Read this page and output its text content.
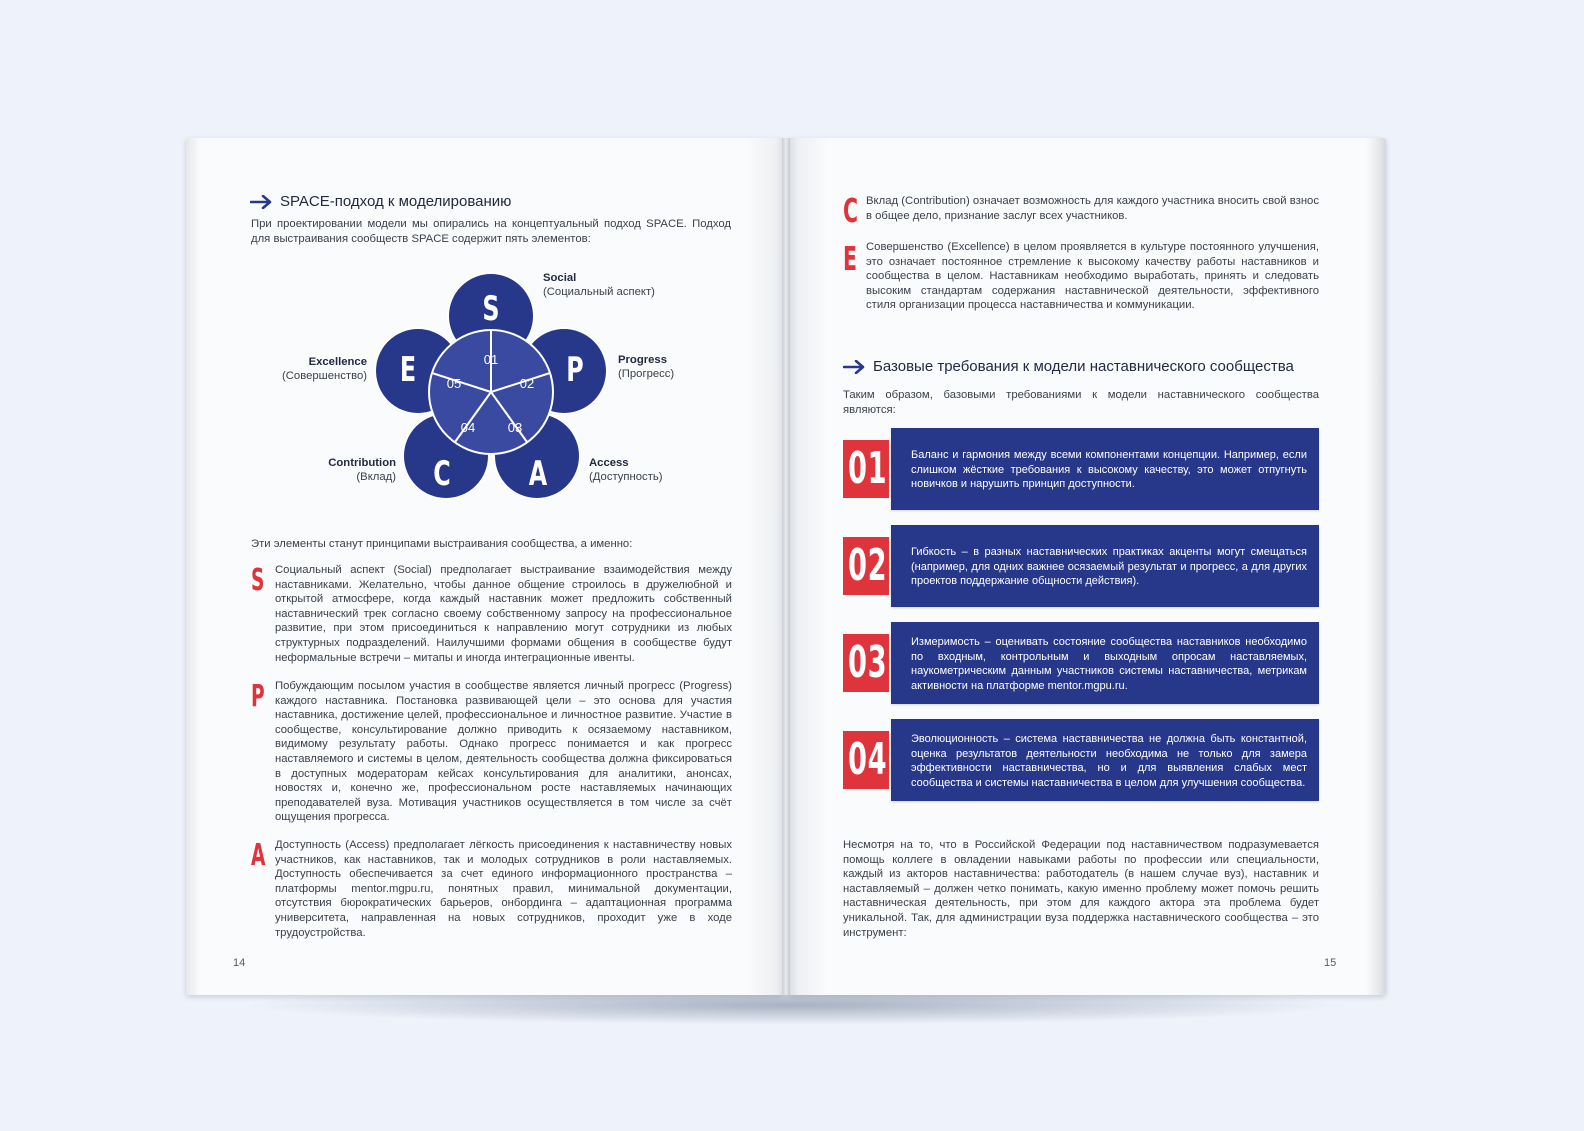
SPACE-подход к моделированию
При проектировании модели мы опирались на концептуальный подход SPACE. Подход для выстраивания сообществ SPACE содержит пять элементов:
S
P
A
C
E	01
02
03
04
05
Social
(Социальный аспект)
Progress
(Прогресс)
Access
(Доступность)
Contribution
(Вклад)
Excellence
(Совершенство)
Эти элементы станут принципами выстраивания сообщества, а именно:
S Социальный аспект (Social) предполагает выстраивание взаимодействия между наставниками. Желательно, чтобы данное общение строилось в дружелюбной и открытой атмосфере, когда каждый наставник может предложить собственный наставнический трек согласно своему собственному запросу на профессиональное развитие, при этом присоединиться к направлению могут сотрудники из любых структурных подразделений. Наилучшими формами общения в сообществе будут неформальные встречи – митапы и иногда интеграционные ивенты.
P Побуждающим посылом участия в сообществе является личный прогресс (Progress) каждого наставника. Постановка развивающей цели – это основа для участия наставника, достижение целей, профессиональное и личностное развитие. Участие в сообществе, консультирование должно приводить к осязаемому наставником, видимому результату работы. Однако прогресс понимается и как прогресс наставляемого и системы в целом, деятельность сообщества должна фиксироваться в доступных модераторам кейсах консультирования для аналитики, анонсах, новостях и, конечно же, профессиональном росте наставляемых начинающих преподавателей вуза. Мотивация участников осуществляется в том числе за счёт ощущения прогресса.
A Доступность (Access) предполагает лёгкость присоединения к наставничеству новых участников, как наставников, так и молодых сотрудников в роли наставляемых. Доступность обеспечивается за счет единого информационного пространства – платформы mentor.mgpu.ru, понятных правил, минимальной документации, отсутствия бюрократических барьеров, онбординга – адаптационная программа университета, направленная на новых сотрудников, проходит уже в ходе трудоустройства.
14
C Вклад (Contribution) означает возможность для каждого участника вносить свой взнос в общее дело, признание заслуг всех участников.
E Совершенство (Excellence) в целом проявляется в культуре постоянного улучшения, это означает постоянное стремление к высокому качеству работы наставников и сообщества в целом. Наставникам необходимо выработать, принять и следовать высоким стандартам содержания наставнической деятельности, эффективного стиля организации процесса наставничества и коммуникации.
Базовые требования к модели наставнического сообщества
Таким образом, базовыми требованиями к модели наставнического сообщества являются:
Баланс и гармония между всеми компонентами концепции. Например, если слишком жёсткие требования к высокому качеству, это может отпугнуть новичков и нарушить принцип доступности.
01
Гибкость – в разных наставнических практиках акценты могут смещаться (например, для одних важнее осязаемый результат и прогресс, а для других проектов поддержание общности действия).
02
Измеримость – оценивать состояние сообщества наставников необходимо по входным, контрольным и выходным опросам наставляемых, наукометрическим данным участников системы наставничества, метрикам активности на платформе mentor.mgpu.ru.
03
Эволюционность – система наставничества не должна быть константной, оценка результатов деятельности необходима не только для замера эффективности наставничества, но и для выявления слабых мест сообщества и системы наставничества в целом для улучшения сообщества.
04
Несмотря на то, что в Российской Федерации под наставничеством подразумевается помощь коллеге в овладении навыками работы по профессии или специальности, каждый из акторов наставничества: работодатель (в нашем случае вуз), наставник и наставляемый – должен четко понимать, какую именно проблему может помочь решить наставническая деятельность, при этом для каждого актора эта проблема будет уникальной. Так, для администрации вуза поддержка наставнического сообщества – это инструмент:
15
